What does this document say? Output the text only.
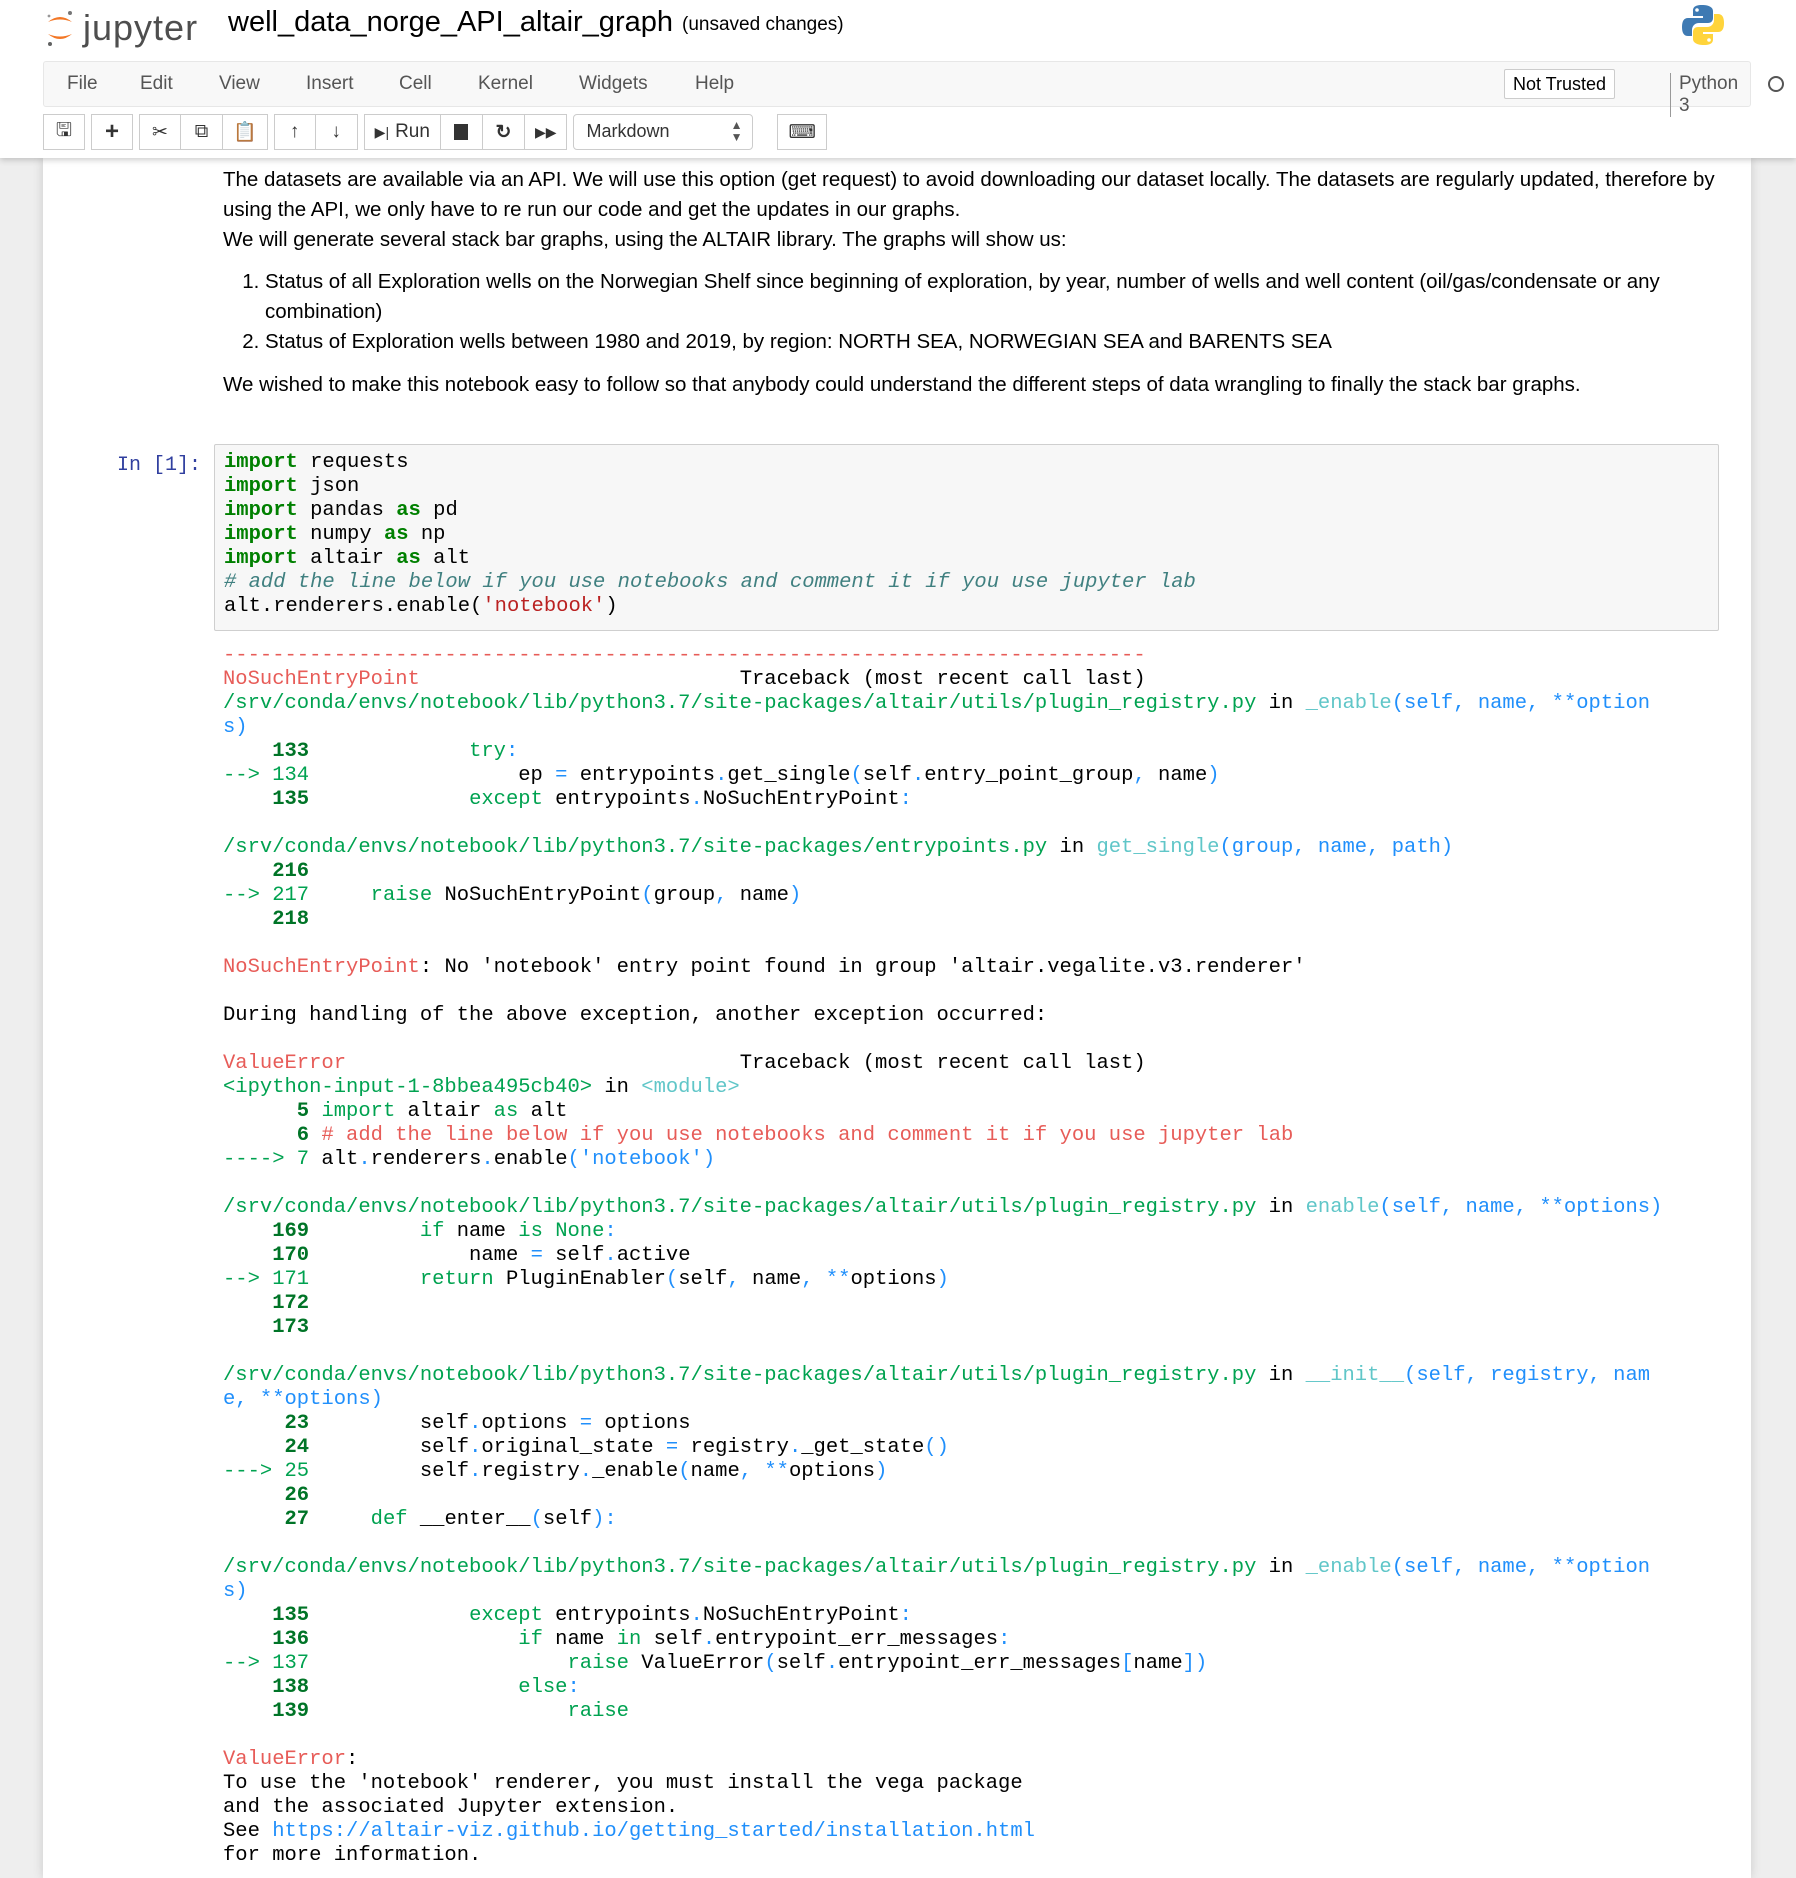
jupyter well_data_norge_API_altair_graph (unsaved changes)
File Edit View Insert Cell Kernel Widgets Help	Not Trusted	Python 3
🖫 + ✂ ⧉ 📋 ↑ ↓ ▶| Run	↻ ▶▶	Markdown	▲
▼ ⌨

The datasets are available via an API. We will use this option (get request) to avoid downloading our dataset locally. The datasets are regularly updated, therefore by using the API, we only have to re run our code and get the updates in our graphs.

We will generate several stack bar graphs, using the ALTAIR library. The graphs will show us:

1. Status of all Exploration wells on the Norwegian Shelf since beginning of exploration, by year, number of wells and well content (oil/gas/condensate or any combination)
2. Status of Exploration wells between 1980 and 2019, by region: NORTH SEA, NORWEGIAN SEA and BARENTS SEA

We wished to make this notebook easy to follow so that anybody could understand the different steps of data wrangling to finally the stack bar graphs.

In [1]: import requests
import json
import pandas as pd
import numpy as np
import altair as alt
# add the line below if you use notebooks and comment it if you use jupyter lab
alt.renderers.enable('notebook')
---------------------------------------------------------------------------
NoSuchEntryPoint                          Traceback (most recent call last)
/srv/conda/envs/notebook/lib/python3.7/site-packages/altair/utils/plugin_registry.py in _enable(self, name, **option
s)
133	try:
--> 134                 ep = entrypoints.get_single(self.entry_point_group, name)
135	except entrypoints.NoSuchEntryPoint:
/srv/conda/envs/notebook/lib/python3.7/site-packages/entrypoints.py in get_single(group, name, path)
216
--> 217	raise NoSuchEntryPoint(group, name)
218
NoSuchEntryPoint: No 'notebook' entry point found in group 'altair.vegalite.v3.renderer'
During handling of the above exception, another exception occurred:
ValueError                                Traceback (most recent call last)
<ipython-input-1-8bbea495cb40> in <module>
5 import altair as alt
6 # add the line below if you use notebooks and comment it if you use jupyter lab
----> 7 alt.renderers.enable('notebook')
/srv/conda/envs/notebook/lib/python3.7/site-packages/altair/utils/plugin_registry.py in enable(self, name, **options)
169	if name is None:
170             name = self.active
--> 171	return PluginEnabler(self, name, **options)
172
173
/srv/conda/envs/notebook/lib/python3.7/site-packages/altair/utils/plugin_registry.py in __init__(self, registry, nam
e, **options)
23         self.options = options
24         self.original_state = registry._get_state()
---> 25         self.registry._enable(name, **options)
26
27	def __enter__(self):
/srv/conda/envs/notebook/lib/python3.7/site-packages/altair/utils/plugin_registry.py in _enable(self, name, **option
s)
135	except entrypoints.NoSuchEntryPoint:
136	if name in self.entrypoint_err_messages:
--> 137	raise ValueError(self.entrypoint_err_messages[name])
138	else:
139	raise
ValueError:
To use the 'notebook' renderer, you must install the vega package
and the associated Jupyter extension.
See https://altair-viz.github.io/getting_started/installation.html
for more information.
